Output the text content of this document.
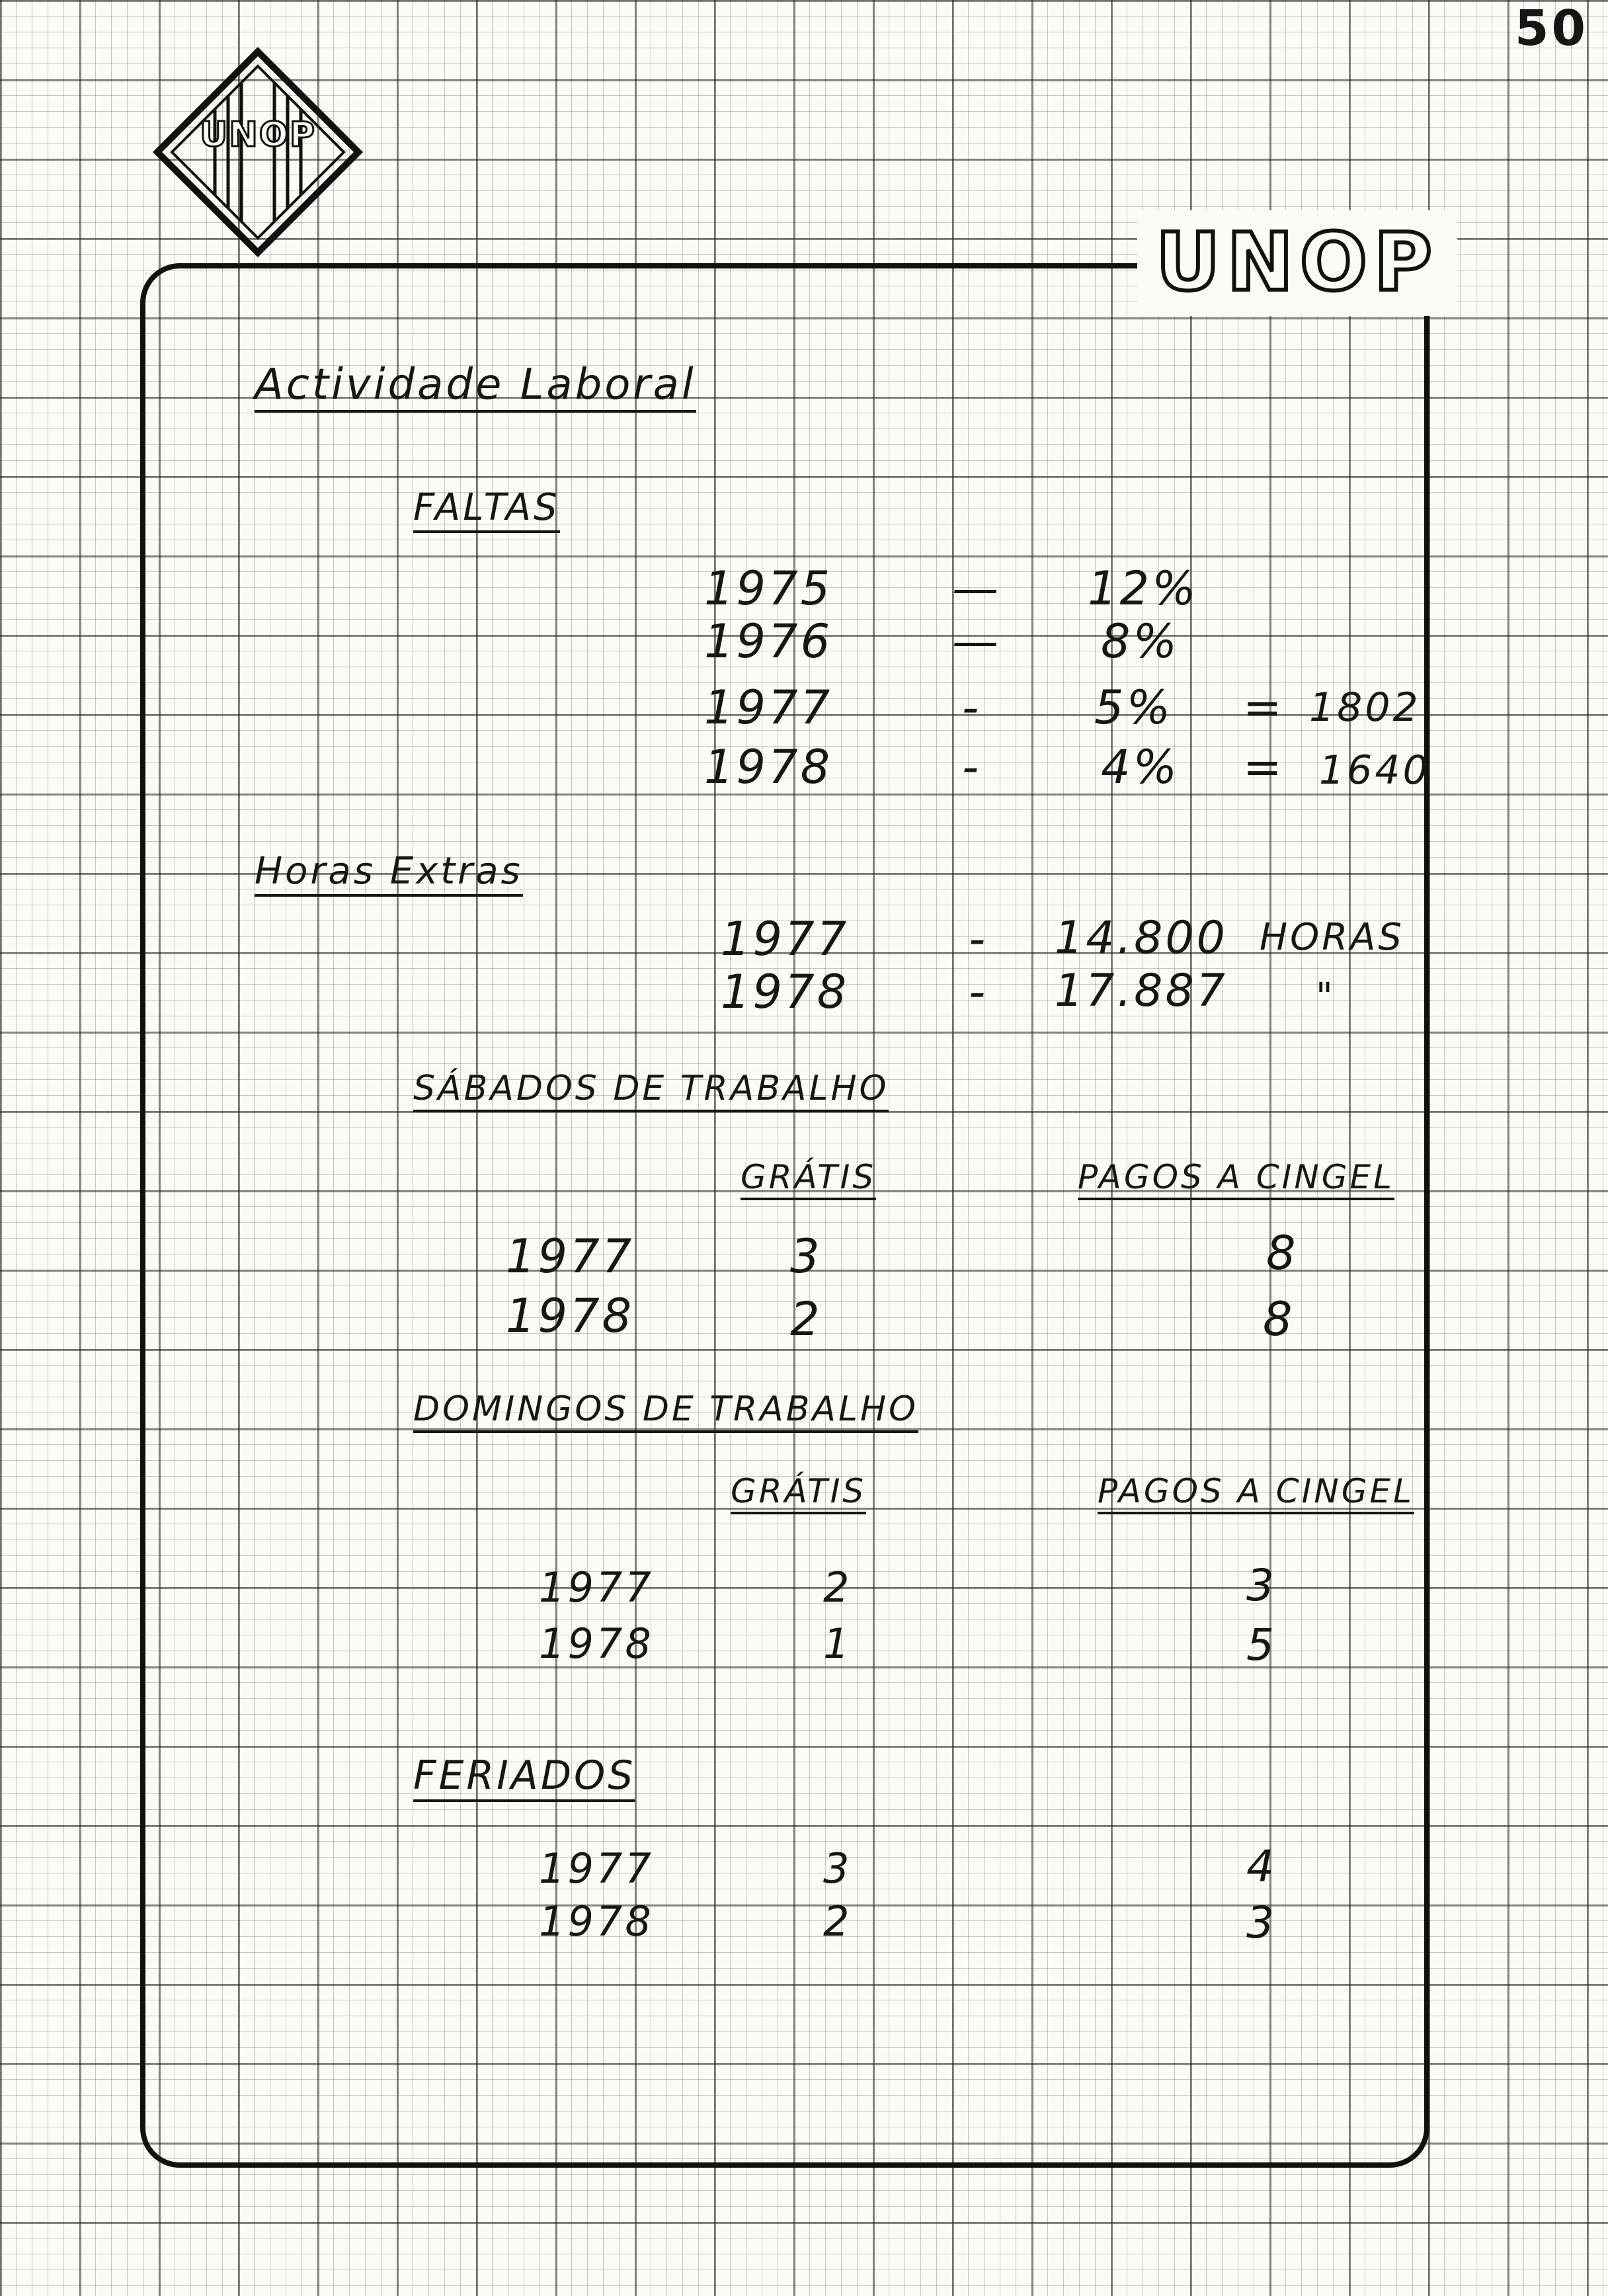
50
UNOP
UNOP
Actividade Laboral
FALTAS
1975	— 12%
1976	— 8%
1977	- 5% = 1802
1978	-	4% = 1640
Horas Extras
1977	- 14.800 HORAS
1978	- 17.887 "
SÁBADOS DE TRABALHO
GRÁTIS	PAGOS A CINGEL
1977	3	8
1978	2	8
DOMINGOS DE TRABALHO
GRÁTIS	PAGOS A CINGEL
1977	2	3
1978	1	5
FERIADOS
1977	3	4
1978	2	3
